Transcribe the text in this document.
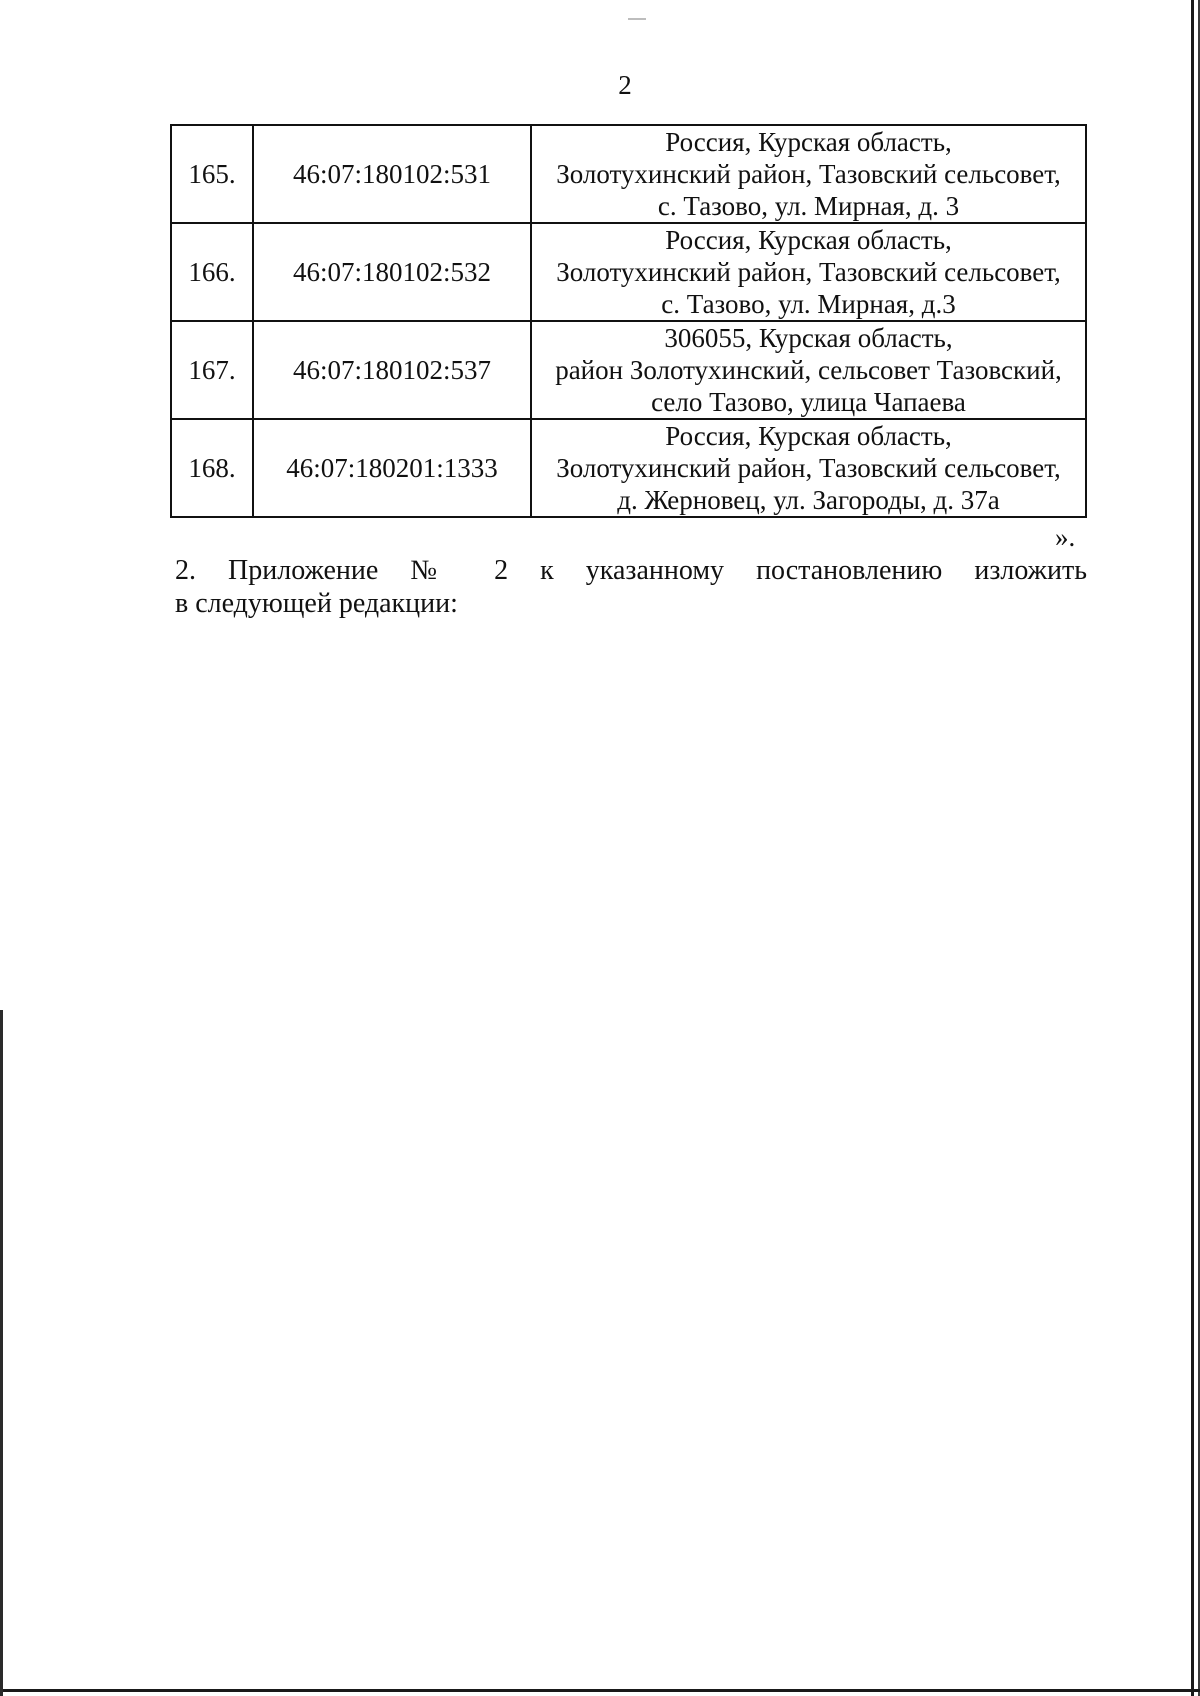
2
165.	46:07:180102:531	Россия, Курская область,
Золотухинский район, Тазовский сельсовет,
с. Тазово, ул. Мирная, д. 3

166.	46:07:180102:532	Россия, Курская область,
Золотухинский район, Тазовский сельсовет,
с. Тазово, ул. Мирная, д.3

167.	46:07:180102:537	306055, Курская область,
район Золотухинский, сельсовет Тазовский,
село Тазово, улица Чапаева

168.	46:07:180201:1333	Россия, Курская область,
Золотухинский район, Тазовский сельсовет,
д. Жерновец, ул. Загороды, д. 37а
».
2. Приложение № 2 к указанному постановлению изложить
в следующей редакции:
